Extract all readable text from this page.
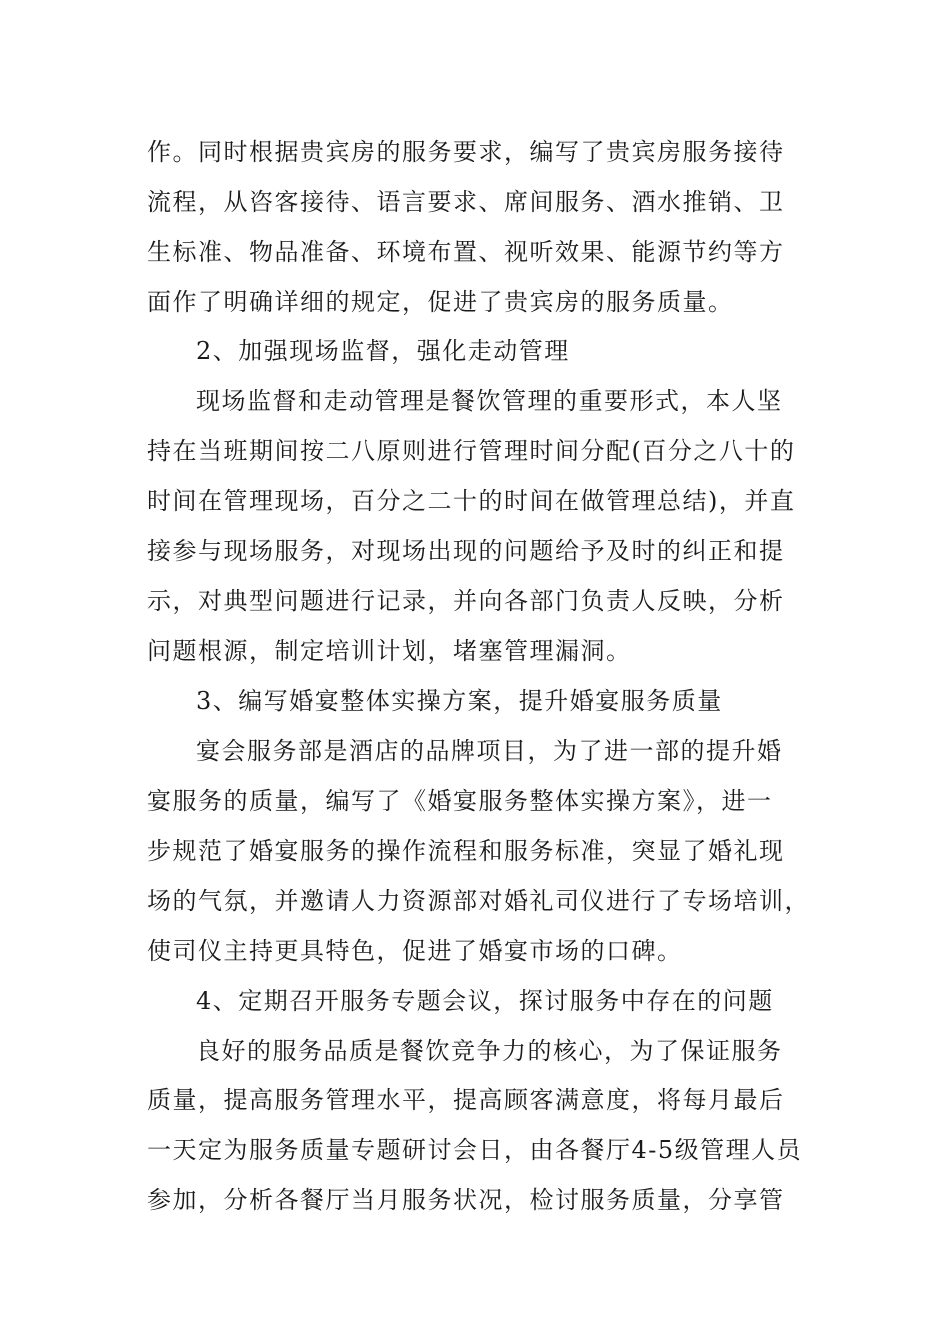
作。同时根据贵宾房的服务要求，编写了贵宾房服务接待
流程，从咨客接待、语言要求、席间服务、酒水推销、卫
生标准、物品准备、环境布置、视听效果、能源节约等方
面作了明确详细的规定，促进了贵宾房的服务质量。
2、加强现场监督，强化走动管理
现场监督和走动管理是餐饮管理的重要形式，本人坚
持在当班期间按二八原则进行管理时间分配(百分之八十的
时间在管理现场，百分之二十的时间在做管理总结)，并直
接参与现场服务，对现场出现的问题给予及时的纠正和提
示，对典型问题进行记录，并向各部门负责人反映，分析
问题根源，制定培训计划，堵塞管理漏洞。
3、编写婚宴整体实操方案，提升婚宴服务质量
宴会服务部是酒店的品牌项目，为了进一部的提升婚
宴服务的质量，编写了《婚宴服务整体实操方案》，进一
步规范了婚宴服务的操作流程和服务标准，突显了婚礼现
场的气氛，并邀请人力资源部对婚礼司仪进行了专场培训，
使司仪主持更具特色，促进了婚宴市场的口碑。
4、定期召开服务专题会议，探讨服务中存在的问题
良好的服务品质是餐饮竞争力的核心，为了保证服务
质量，提高服务管理水平，提高顾客满意度，将每月最后
一天定为服务质量专题研讨会日，由各餐厅4-5级管理人员
参加，分析各餐厅当月服务状况，检讨服务质量，分享管
